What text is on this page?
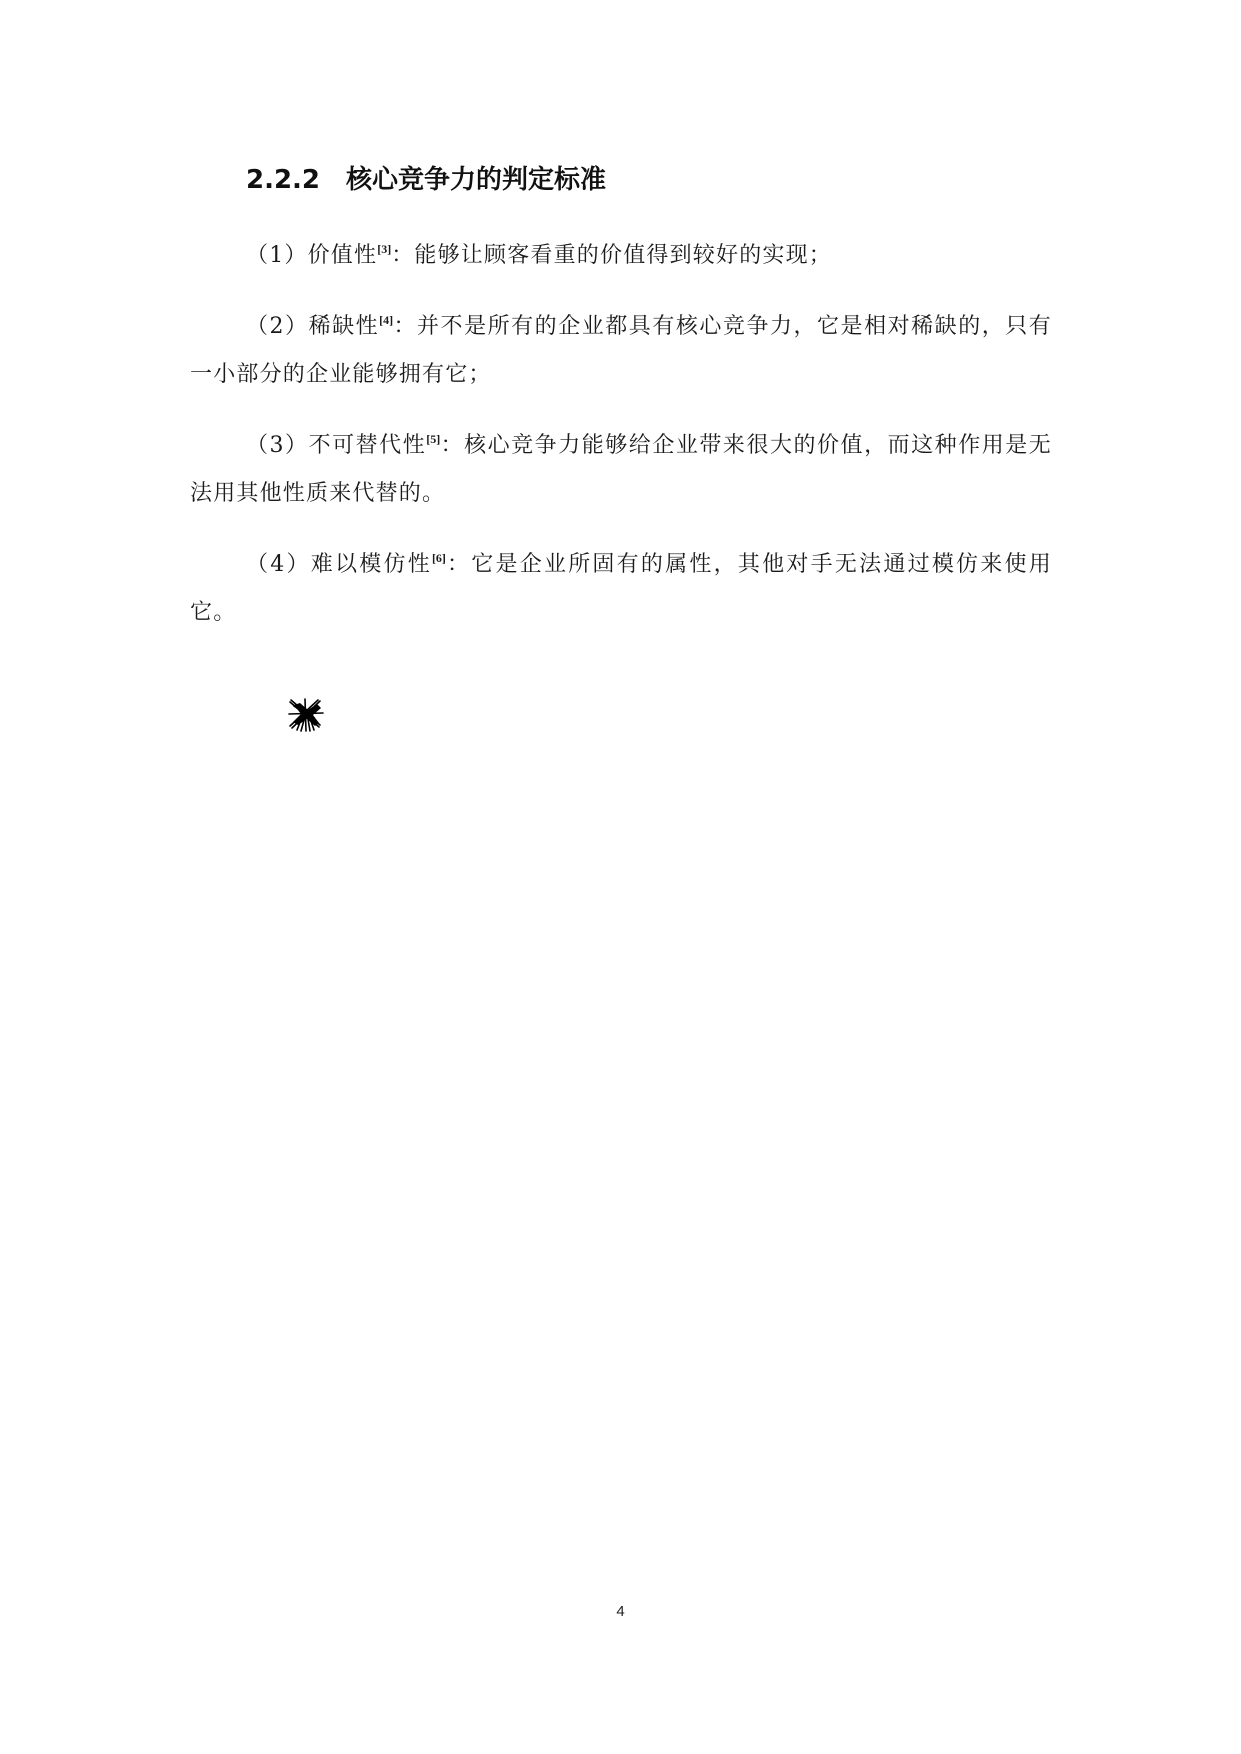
2.2.2 核心竞争力的判定标准

（1）价值性[3]：能够让顾客看重的价值得到较好的实现；

（2）稀缺性[4]：并不是所有的企业都具有核心竞争力，它是相对稀缺的，只有一小部分的企业能够拥有它；

（3）不可替代性[5]：核心竞争力能够给企业带来很大的价值，而这种作用是无法用其他性质来代替的。

（4）难以模仿性[6]：它是企业所固有的属性，其他对手无法通过模仿来使用它。

4
